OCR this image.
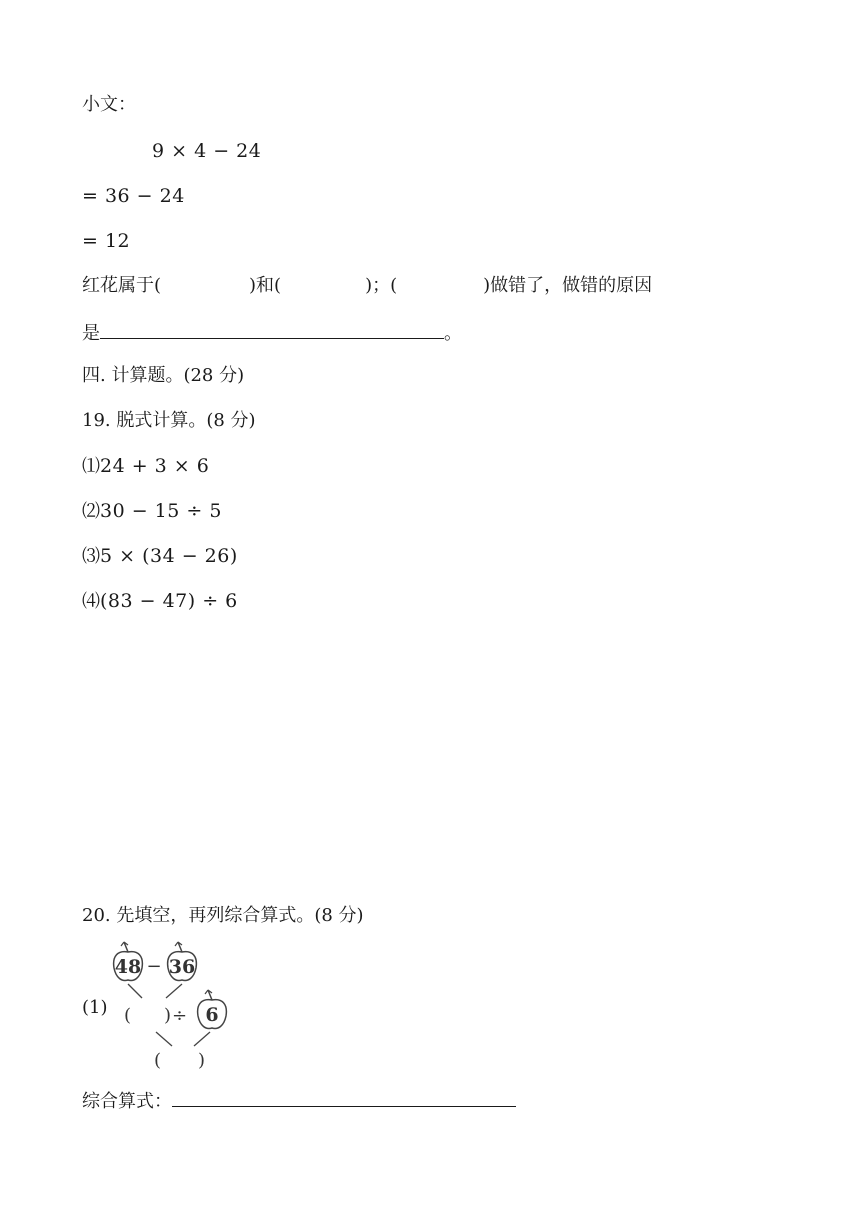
小文：
9 × 4 − 24
= 36 − 24
= 12
红花属于(	)和(	)；(	)做错了，做错的原因
是	。
四. 计算题。(28 分)
19. 脱式计算。(8 分)
⑴24 + 3 × 6
⑵30 − 15 ÷ 5
⑶5 × (34 − 26)
⑷(83 − 47) ÷ 6
20. 先填空，再列综合算式。(8 分)
(1)
48 − 36
( ) ÷ 6
( )
综合算式：
